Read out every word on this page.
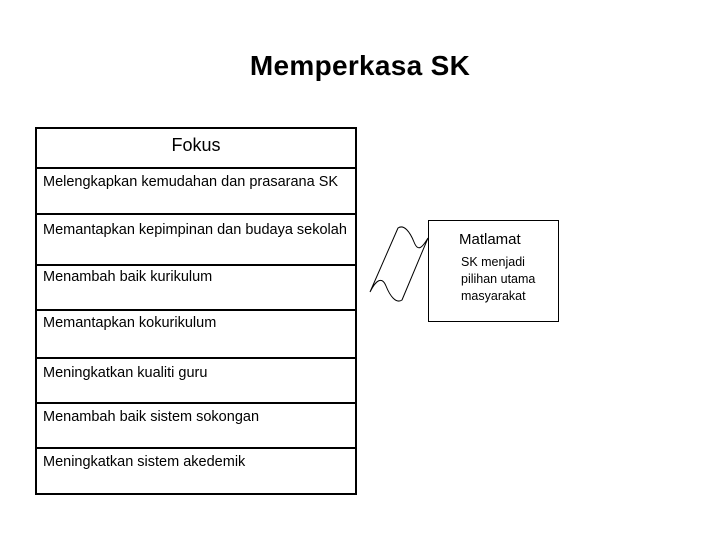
Memperkasa SK
Fokus
Melengkapkan kemudahan dan prasarana SK
Memantapkan kepimpinan dan budaya sekolah
Menambah baik kurikulum
Memantapkan kokurikulum
Meningkatkan kualiti guru
Menambah baik sistem sokongan
Meningkatkan sistem akedemik
Matlamat
SK menjadi pilihan utama masyarakat
